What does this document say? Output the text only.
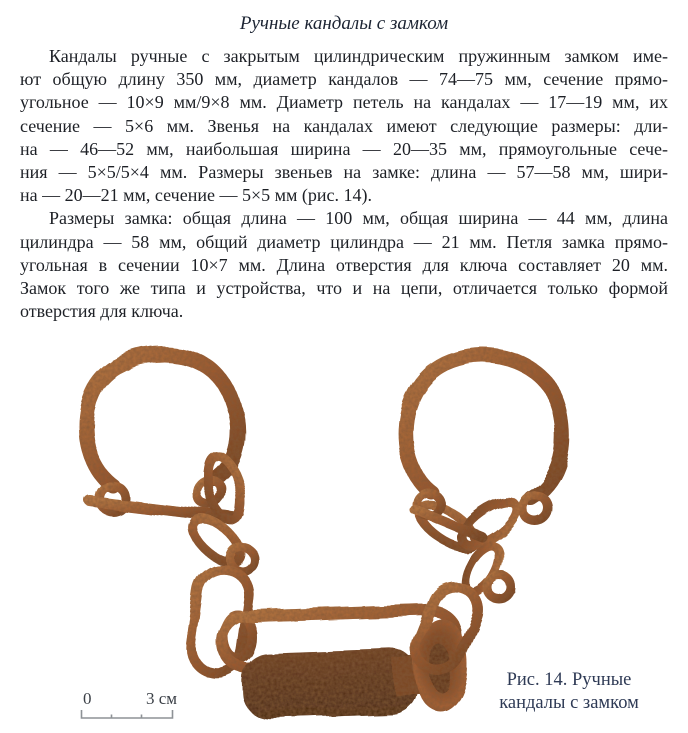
Ручные кандалы с замком
Кандалы ручные с закрытым цилиндрическим пружинным замком име-
ют общую длину 350 мм, диаметр кандалов — 74—75 мм, сечение прямо-
угольное — 10×9 мм/9×8 мм. Диаметр петель на кандалах — 17—19 мм, их
сечение — 5×6 мм. Звенья на кандалах имеют следующие размеры: дли-
на — 46—52 мм, наибольшая ширина — 20—35 мм, прямоугольные сече-
ния — 5×5/5×4 мм. Размеры звеньев на замке: длина — 57—58 мм, шири-
на — 20—21 мм, сечение — 5×5 мм (рис. 14).
Размеры замка: общая длина — 100 мм, общая ширина — 44 мм, длина
цилиндра — 58 мм, общий диаметр цилиндра — 21 мм. Петля замка прямо-
угольная в сечении 10×7 мм. Длина отверстия для ключа составляет 20 мм.
Замок того же типа и устройства, что и на цепи, отличается только формой
отверстия для ключа.
0	3 см
Рис. 14. Ручные
кандалы с замком
